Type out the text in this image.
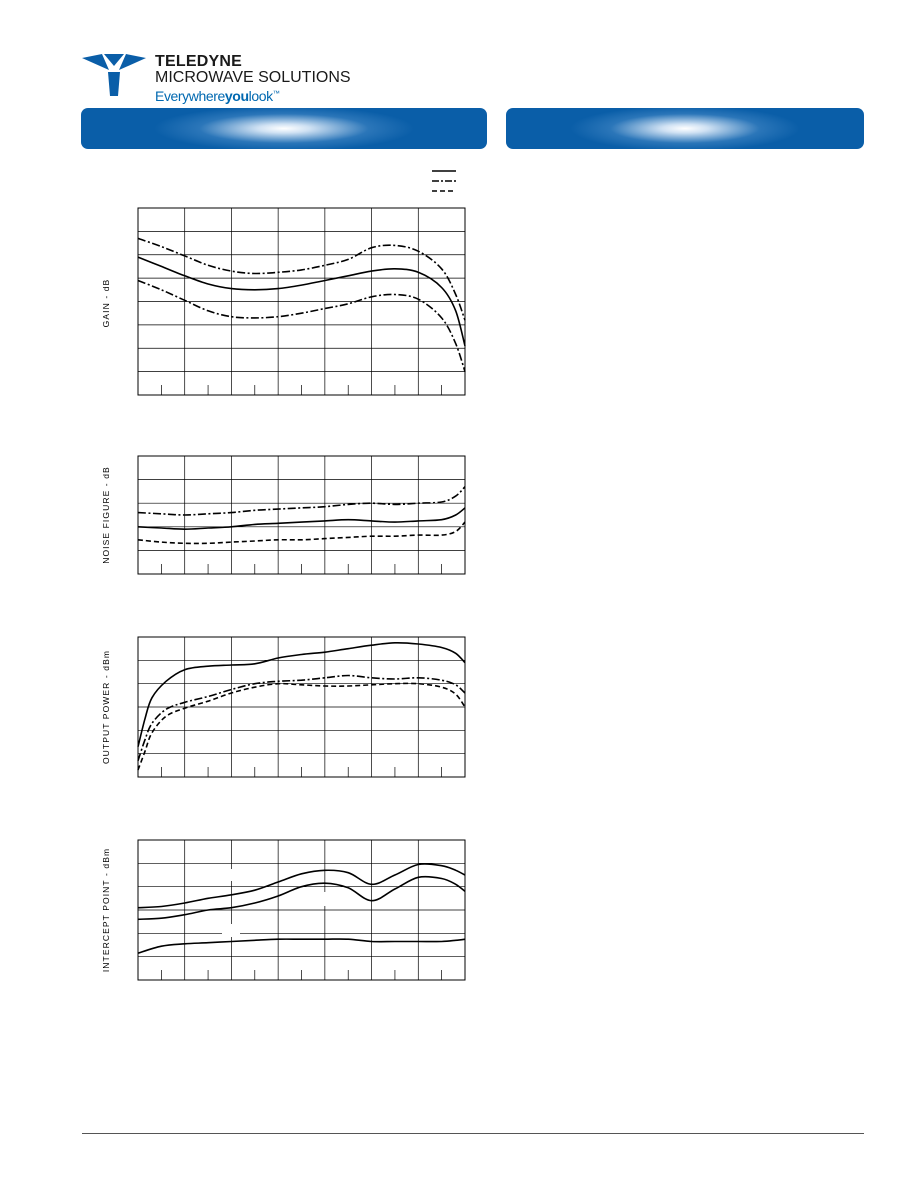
TELEDYNE
MICROWAVE SOLUTIONS
Everywhereyoulook™
GAIN - dB
NOISE FIGURE - dB
OUTPUT POWER - dBm
INTERCEPT POINT - dBm
